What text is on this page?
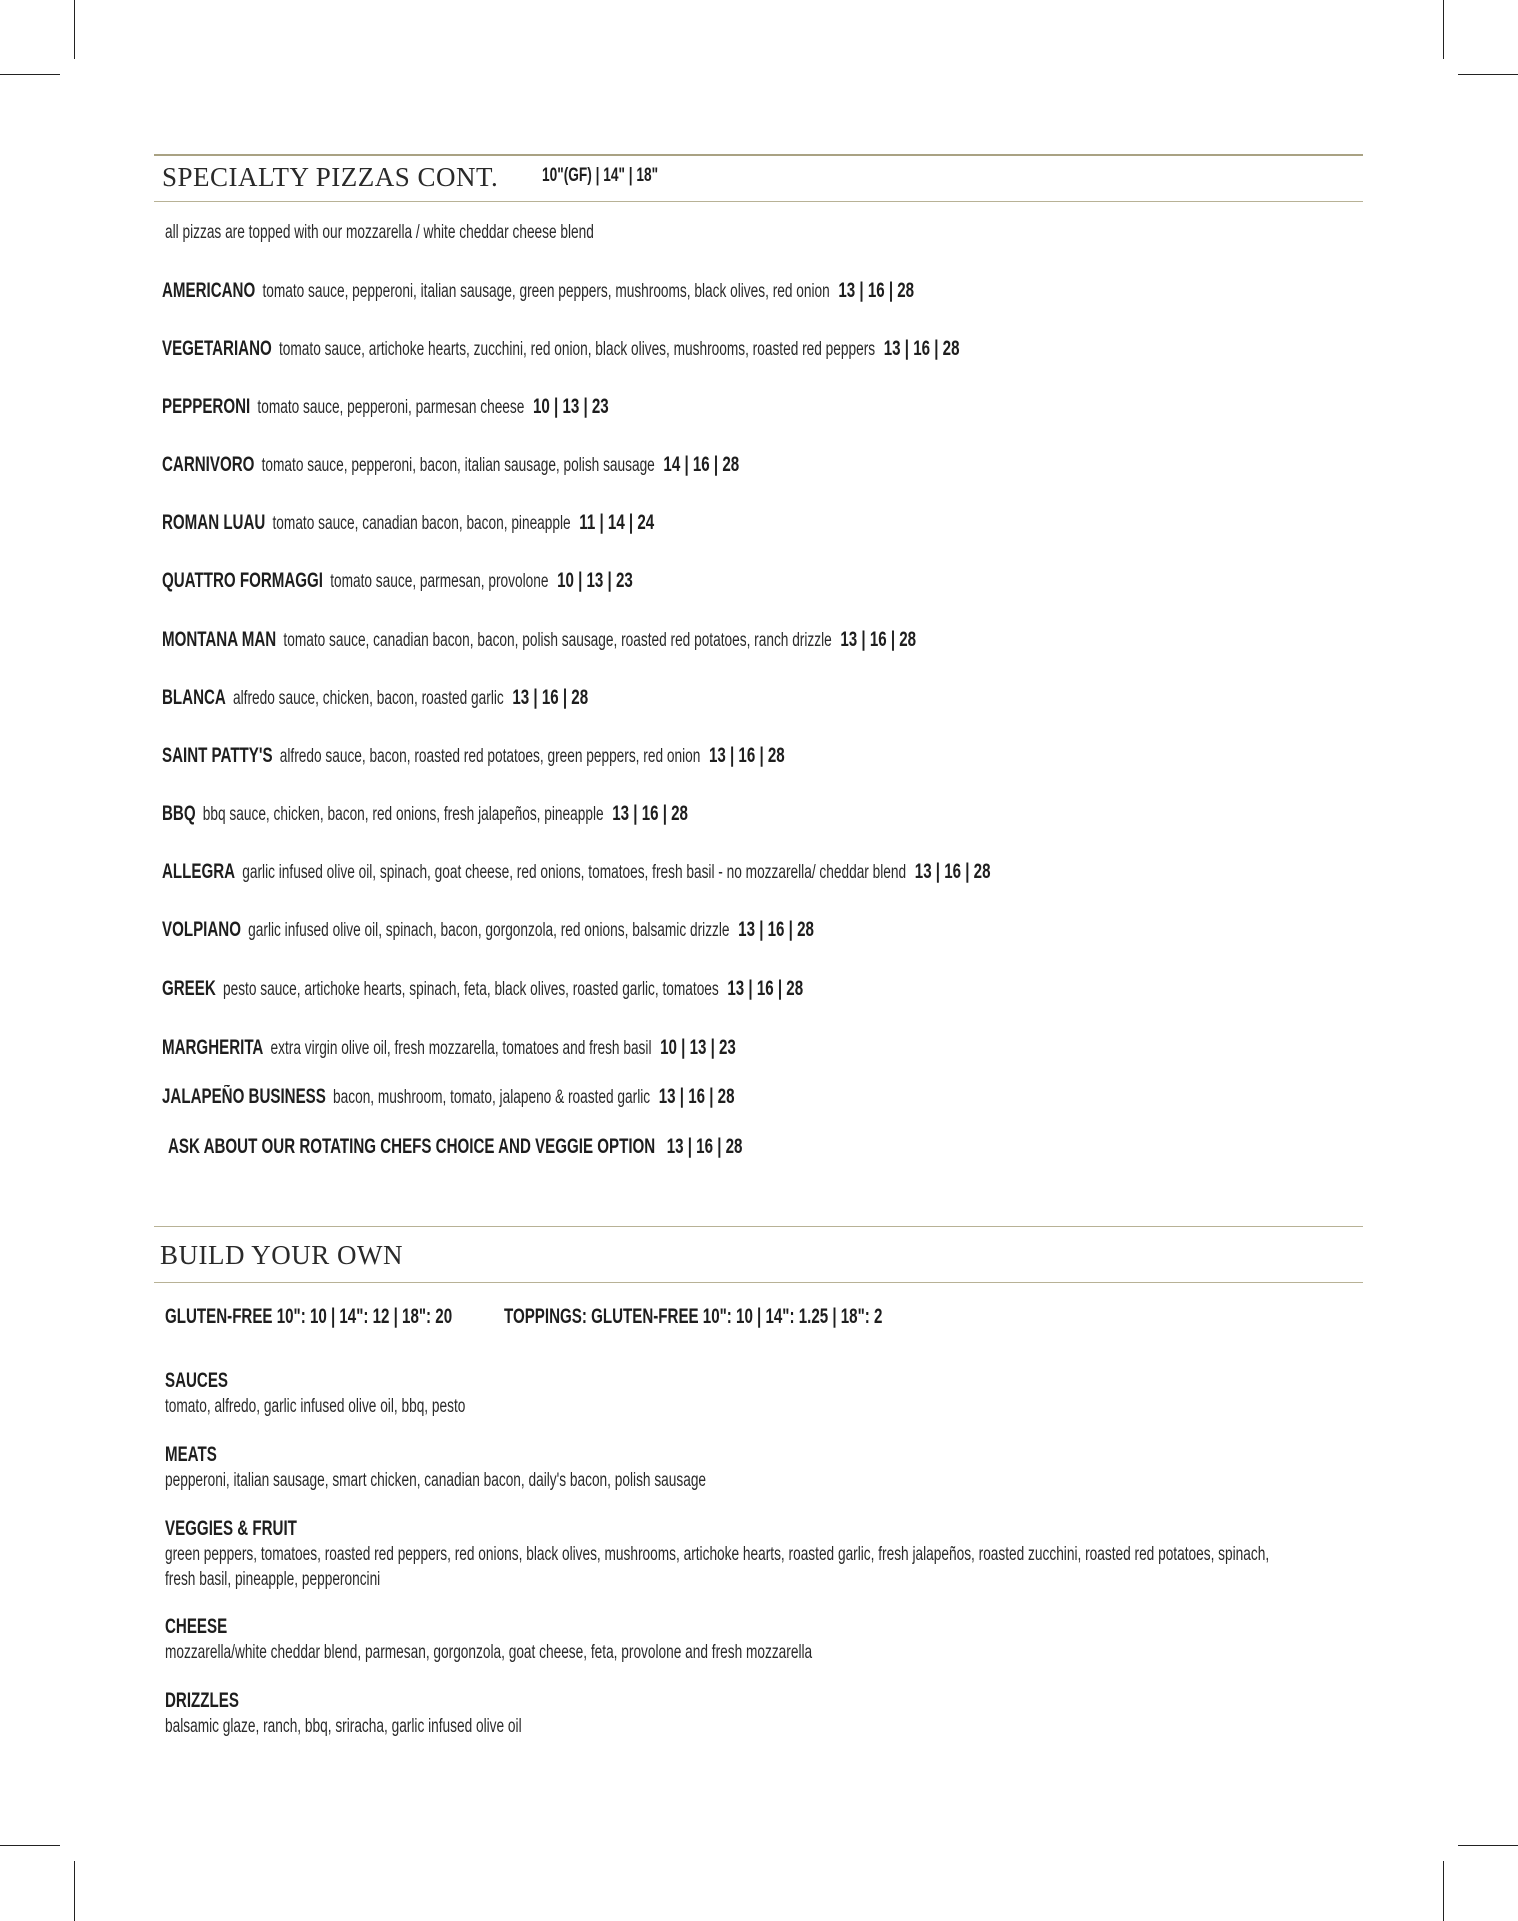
SPECIALTY PIZZAS CONT. 10"(GF) | 14" | 18"
all pizzas are topped with our mozzarella / white cheddar cheese blend
AMERICANO tomato sauce, pepperoni, italian sausage, green peppers, mushrooms, black olives, red onion 13 | 16 | 28
VEGETARIANO tomato sauce, artichoke hearts, zucchini, red onion, black olives, mushrooms, roasted red peppers 13 | 16 | 28
PEPPERONI tomato sauce, pepperoni, parmesan cheese 10 | 13 | 23
CARNIVORO tomato sauce, pepperoni, bacon, italian sausage, polish sausage 14 | 16 | 28
ROMAN LUAU tomato sauce, canadian bacon, bacon, pineapple 11 | 14 | 24
QUATTRO FORMAGGI tomato sauce, parmesan, provolone 10 | 13 | 23
MONTANA MAN tomato sauce, canadian bacon, bacon, polish sausage, roasted red potatoes, ranch drizzle 13 | 16 | 28
BLANCA alfredo sauce, chicken, bacon, roasted garlic 13 | 16 | 28
SAINT PATTY'S alfredo sauce, bacon, roasted red potatoes, green peppers, red onion 13 | 16 | 28
BBQ bbq sauce, chicken, bacon, red onions, fresh jalapeños, pineapple 13 | 16 | 28
ALLEGRA garlic infused olive oil, spinach, goat cheese, red onions, tomatoes, fresh basil - no mozzarella/ cheddar blend 13 | 16 | 28
VOLPIANO garlic infused olive oil, spinach, bacon, gorgonzola, red onions, balsamic drizzle 13 | 16 | 28
GREEK pesto sauce, artichoke hearts, spinach, feta, black olives, roasted garlic, tomatoes 13 | 16 | 28
MARGHERITA extra virgin olive oil, fresh mozzarella, tomatoes and fresh basil 10 | 13 | 23
JALAPEÑO BUSINESS bacon, mushroom, tomato, jalapeno & roasted garlic 13 | 16 | 28
ASK ABOUT OUR ROTATING CHEFS CHOICE AND VEGGIE OPTION 13 | 16 | 28
BUILD YOUR OWN
GLUTEN-FREE 10": 10 | 14": 12 | 18": 20 TOPPINGS: GLUTEN-FREE 10": 10 | 14": 1.25 | 18": 2
SAUCES
tomato, alfredo, garlic infused olive oil, bbq, pesto
MEATS
pepperoni, italian sausage, smart chicken, canadian bacon, daily's bacon, polish sausage
VEGGIES & FRUIT
green peppers, tomatoes, roasted red peppers, red onions, black olives, mushrooms, artichoke hearts, roasted garlic, fresh jalapeños, roasted zucchini, roasted red potatoes, spinach, fresh basil, pineapple, pepperoncini
CHEESE
mozzarella/white cheddar blend, parmesan, gorgonzola, goat cheese, feta, provolone and fresh mozzarella
DRIZZLES
balsamic glaze, ranch, bbq, sriracha, garlic infused olive oil
